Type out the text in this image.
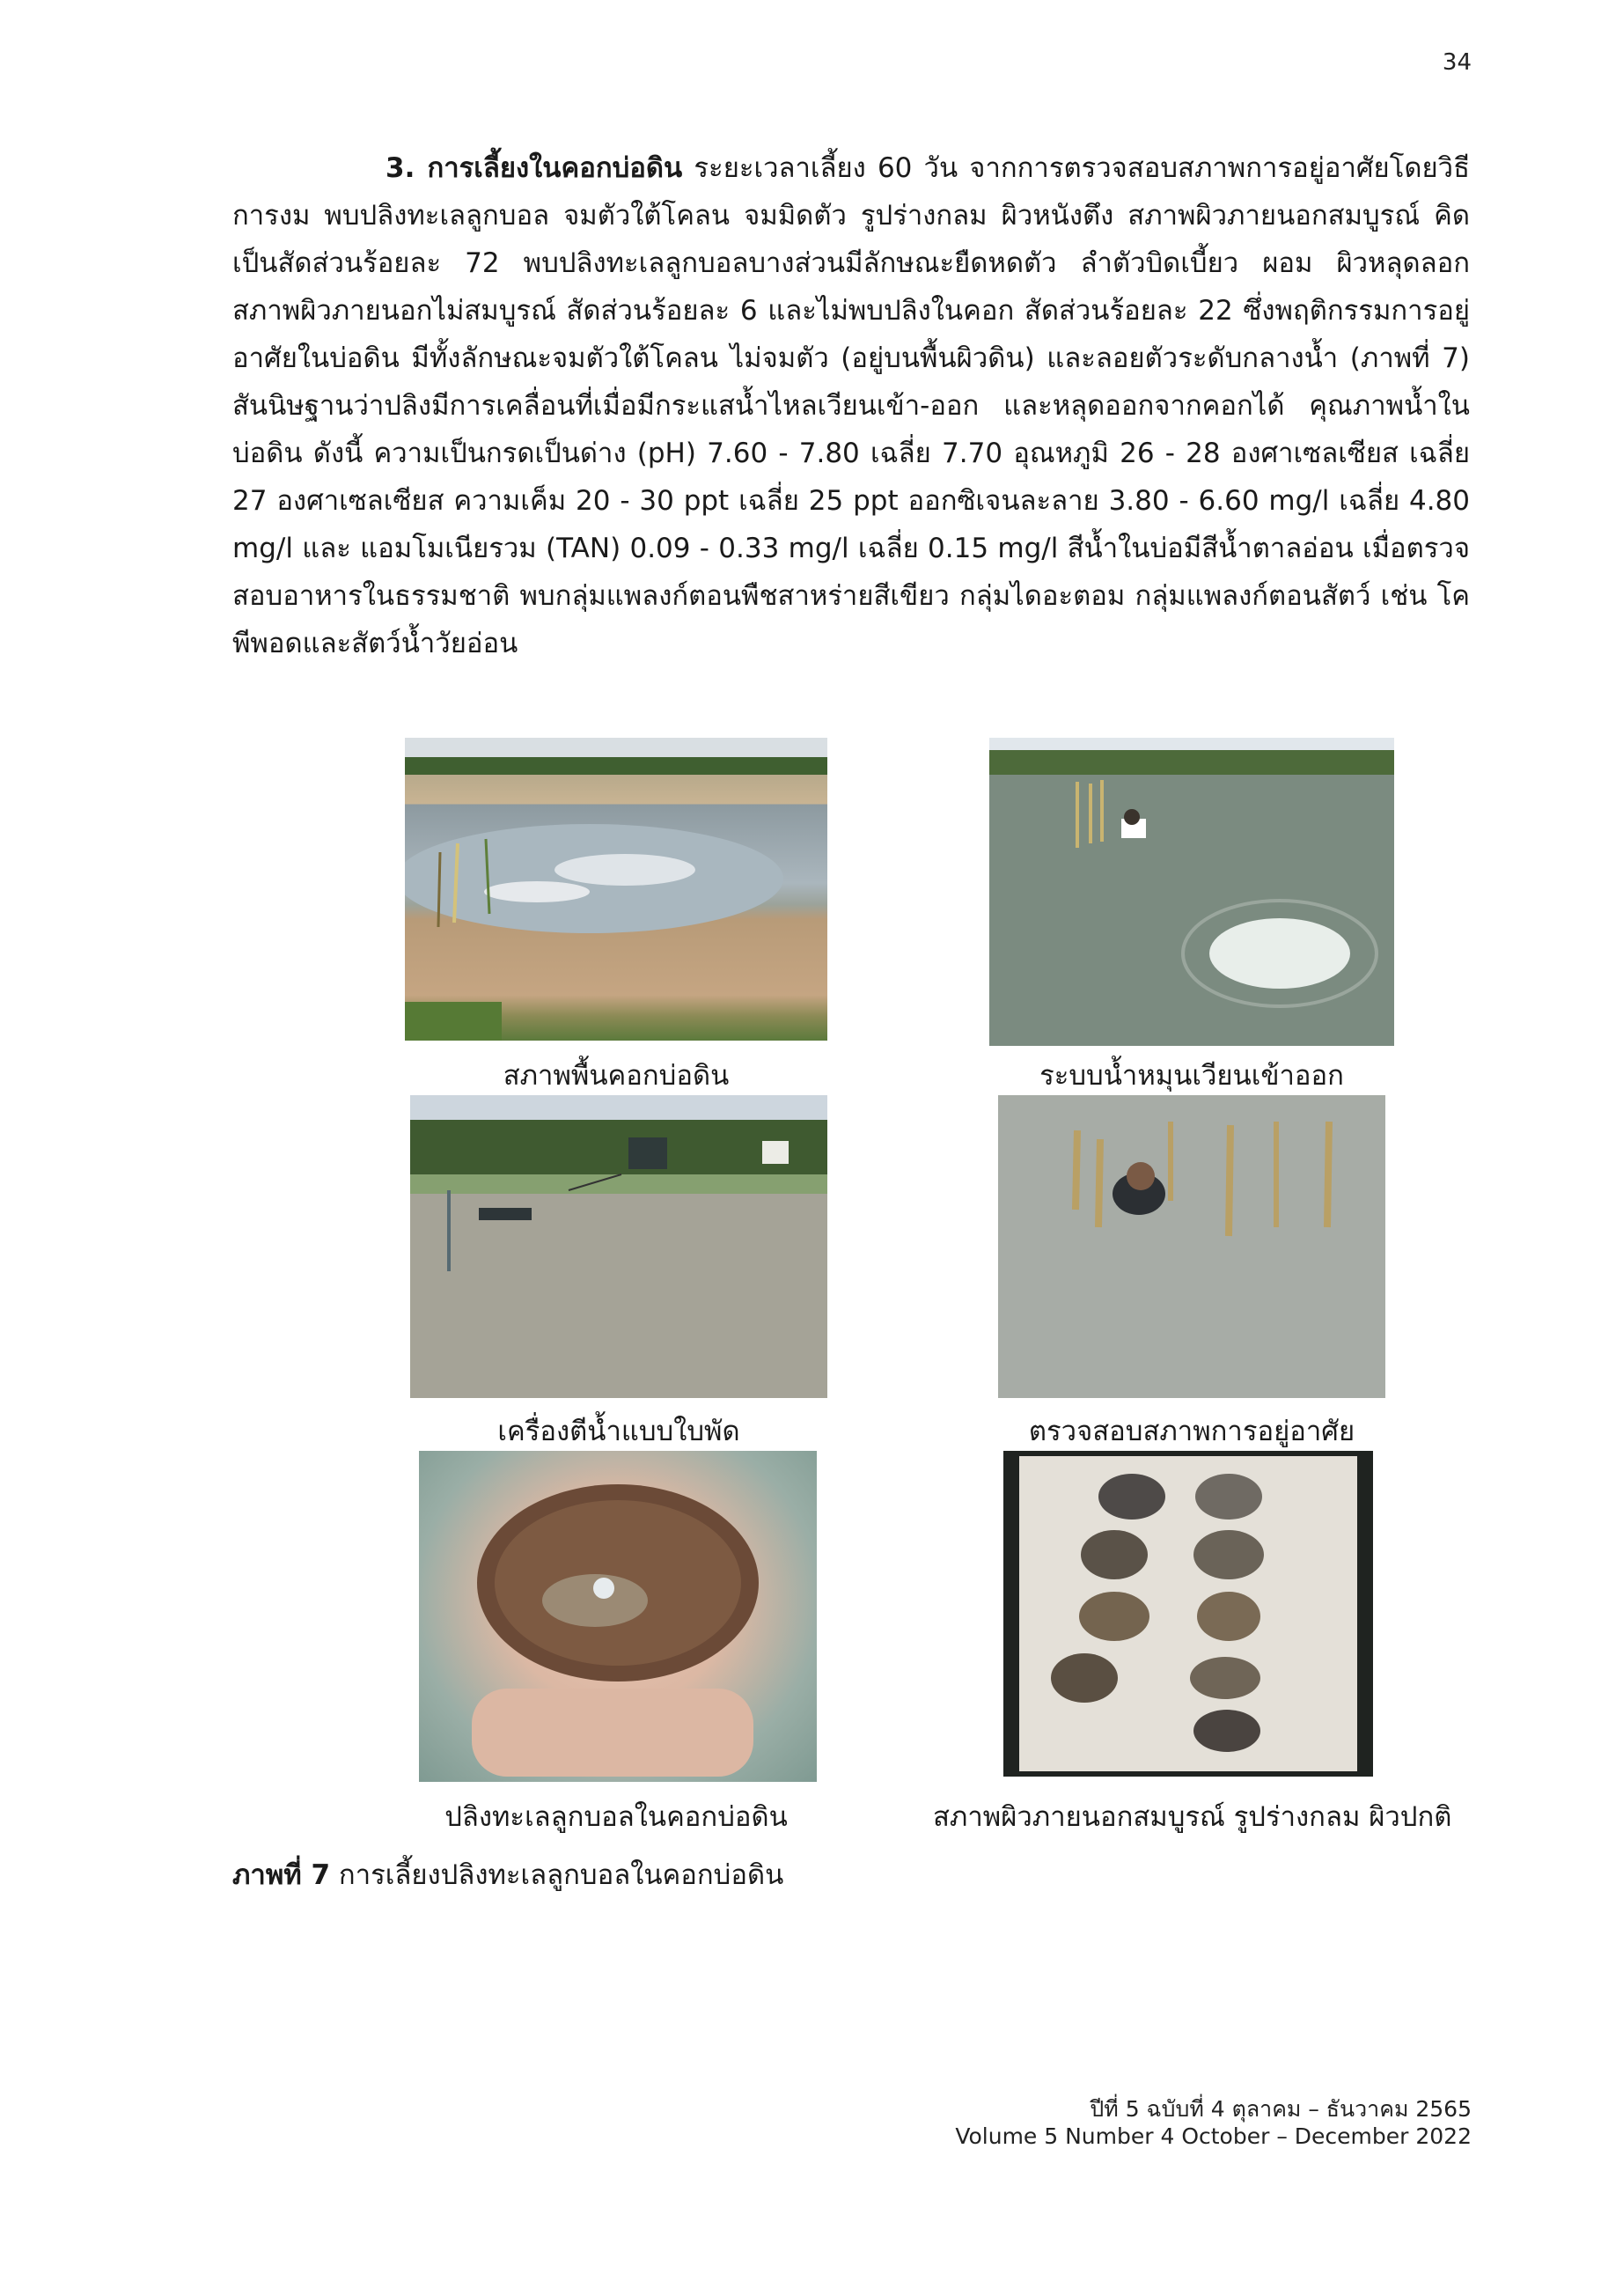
34

3. การเลี้ยงในคอกบ่อดิน ระยะเวลาเลี้ยง 60 วัน จากการตรวจสอบสภาพการอยู่อาศัยโดยวิธีการงม พบปลิงทะเลลูกบอล จมตัวใต้โคลน จมมิดตัว รูปร่างกลม ผิวหนังตึง สภาพผิวภายนอกสมบูรณ์ คิดเป็นสัดส่วนร้อยละ 72 พบปลิงทะเลลูกบอลบางส่วนมีลักษณะยืดหดตัว ลำตัวบิดเบี้ยว ผอม ผิวหลุดลอก สภาพผิวภายนอกไม่สมบูรณ์ สัดส่วนร้อยละ 6 และไม่พบปลิงในคอก สัดส่วนร้อยละ 22 ซึ่งพฤติกรรมการอยู่อาศัยในบ่อดิน มีทั้งลักษณะจมตัวใต้โคลน ไม่จมตัว (อยู่บนพื้นผิวดิน) และลอยตัวระดับกลางน้ำ (ภาพที่ 7) สันนิษฐานว่าปลิงมีการเคลื่อนที่เมื่อมีกระแสน้ำไหลเวียนเข้า-ออก และหลุดออกจากคอกได้ คุณภาพน้ำในบ่อดิน ดังนี้ ความเป็นกรดเป็นด่าง (pH) 7.60 - 7.80 เฉลี่ย 7.70 อุณหภูมิ 26 - 28 องศาเซลเซียส เฉลี่ย 27 องศาเซลเซียส ความเค็ม 20 - 30 ppt เฉลี่ย 25 ppt ออกซิเจนละลาย 3.80 - 6.60 mg/l เฉลี่ย 4.80 mg/l และ แอมโมเนียรวม (TAN) 0.09 - 0.33 mg/l เฉลี่ย 0.15 mg/l สีน้ำในบ่อมีสีน้ำตาลอ่อน เมื่อตรวจสอบอาหารในธรรมชาติ พบกลุ่มแพลงก์ตอนพืชสาหร่ายสีเขียว กลุ่มไดอะตอม กลุ่มแพลงก์ตอนสัตว์ เช่น โคพีพอดและสัตว์น้ำวัยอ่อน

สภาพพื้นคอกบ่อดิน	ระบบน้ำหมุนเวียนเข้าออก
เครื่องตีน้ำแบบใบพัด	ตรวจสอบสภาพการอยู่อาศัย
ปลิงทะเลลูกบอลในคอกบ่อดิน	สภาพผิวภายนอกสมบูรณ์ รูปร่างกลม ผิวปกติ
ภาพที่ 7 การเลี้ยงปลิงทะเลลูกบอลในคอกบ่อดิน
ปีที่ 5 ฉบับที่ 4 ตุลาคม – ธันวาคม 2565
Volume 5 Number 4 October – December 2022
